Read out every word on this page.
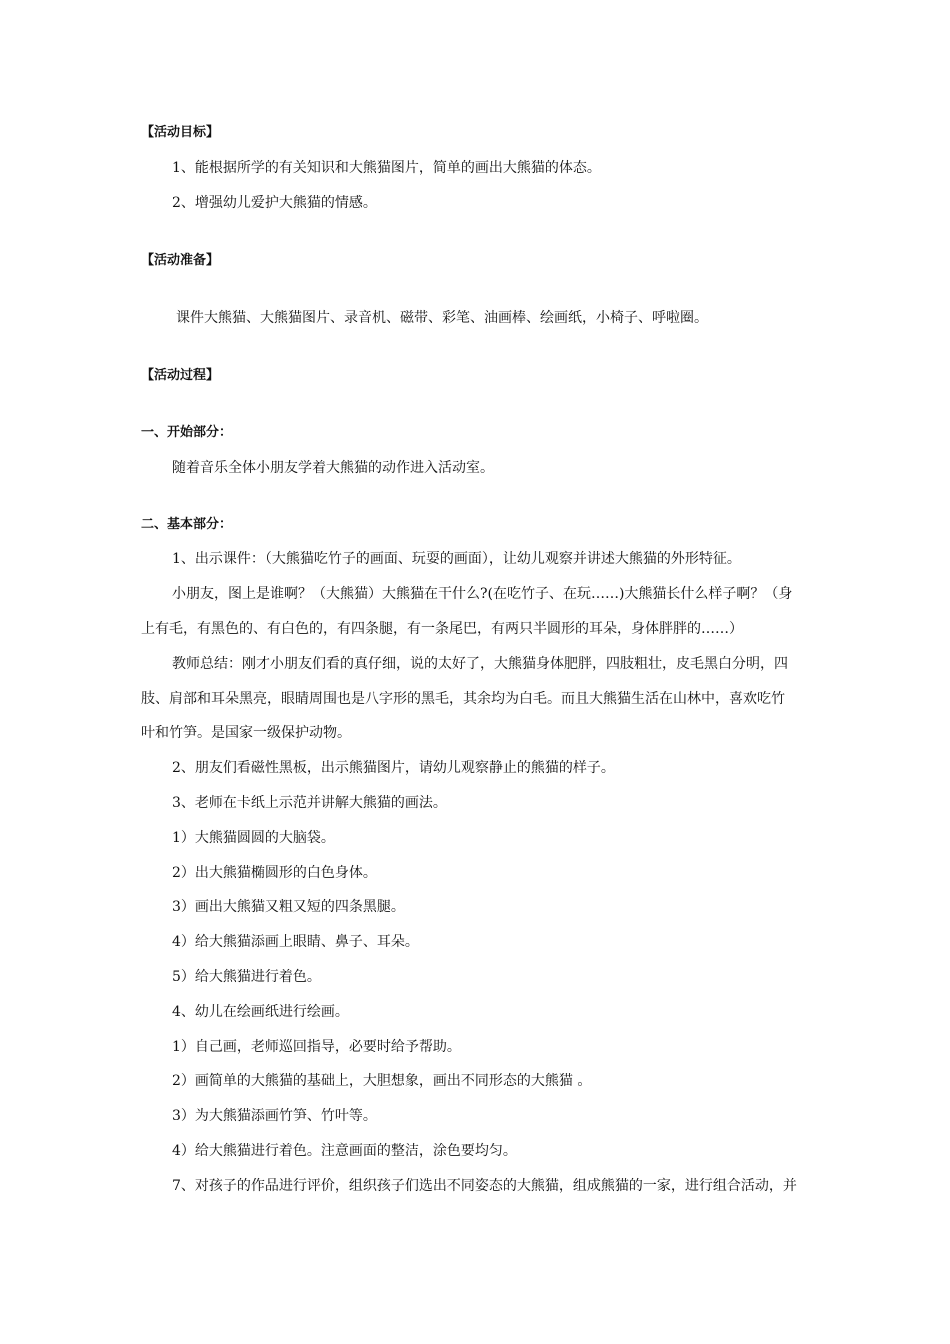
【活动目标】
1、能根据所学的有关知识和大熊猫图片，简单的画出大熊猫的体态。
2、增强幼儿爱护大熊猫的情感。
【活动准备】
课件大熊猫、大熊猫图片、录音机、磁带、彩笔、油画棒、绘画纸，小椅子、呼啦圈。
【活动过程】
一、开始部分：
随着音乐全体小朋友学着大熊猫的动作进入活动室。
二、基本部分：
1、出示课件：（大熊猫吃竹子的画面、玩耍的画面），让幼儿观察并讲述大熊猫的外形特征。
小朋友，图上是谁啊？（大熊猫）大熊猫在干什么?(在吃竹子、在玩……)大熊猫长什么样子啊？（身
上有毛，有黑色的、有白色的，有四条腿，有一条尾巴，有两只半圆形的耳朵，身体胖胖的……）
教师总结：刚才小朋友们看的真仔细，说的太好了，大熊猫身体肥胖，四肢粗壮，皮毛黑白分明，四
肢、肩部和耳朵黑亮，眼睛周围也是八字形的黑毛，其余均为白毛。而且大熊猫生活在山林中，喜欢吃竹
叶和竹笋。是国家一级保护动物。
2、朋友们看磁性黑板，出示熊猫图片，请幼儿观察静止的熊猫的样子。
3、老师在卡纸上示范并讲解大熊猫的画法。
1）大熊猫圆圆的大脑袋。
2）出大熊猫椭圆形的白色身体。
3）画出大熊猫又粗又短的四条黑腿。
4）给大熊猫添画上眼睛、鼻子、耳朵。
5）给大熊猫进行着色。
4、幼儿在绘画纸进行绘画。
1）自己画，老师巡回指导，必要时给予帮助。
2）画简单的大熊猫的基础上，大胆想象，画出不同形态的大熊猫 。
3）为大熊猫添画竹笋、竹叶等。
4）给大熊猫进行着色。注意画面的整洁，涂色要均匀。
7、对孩子的作品进行评价，组织孩子们选出不同姿态的大熊猫，组成熊猫的一家，进行组合活动，并
